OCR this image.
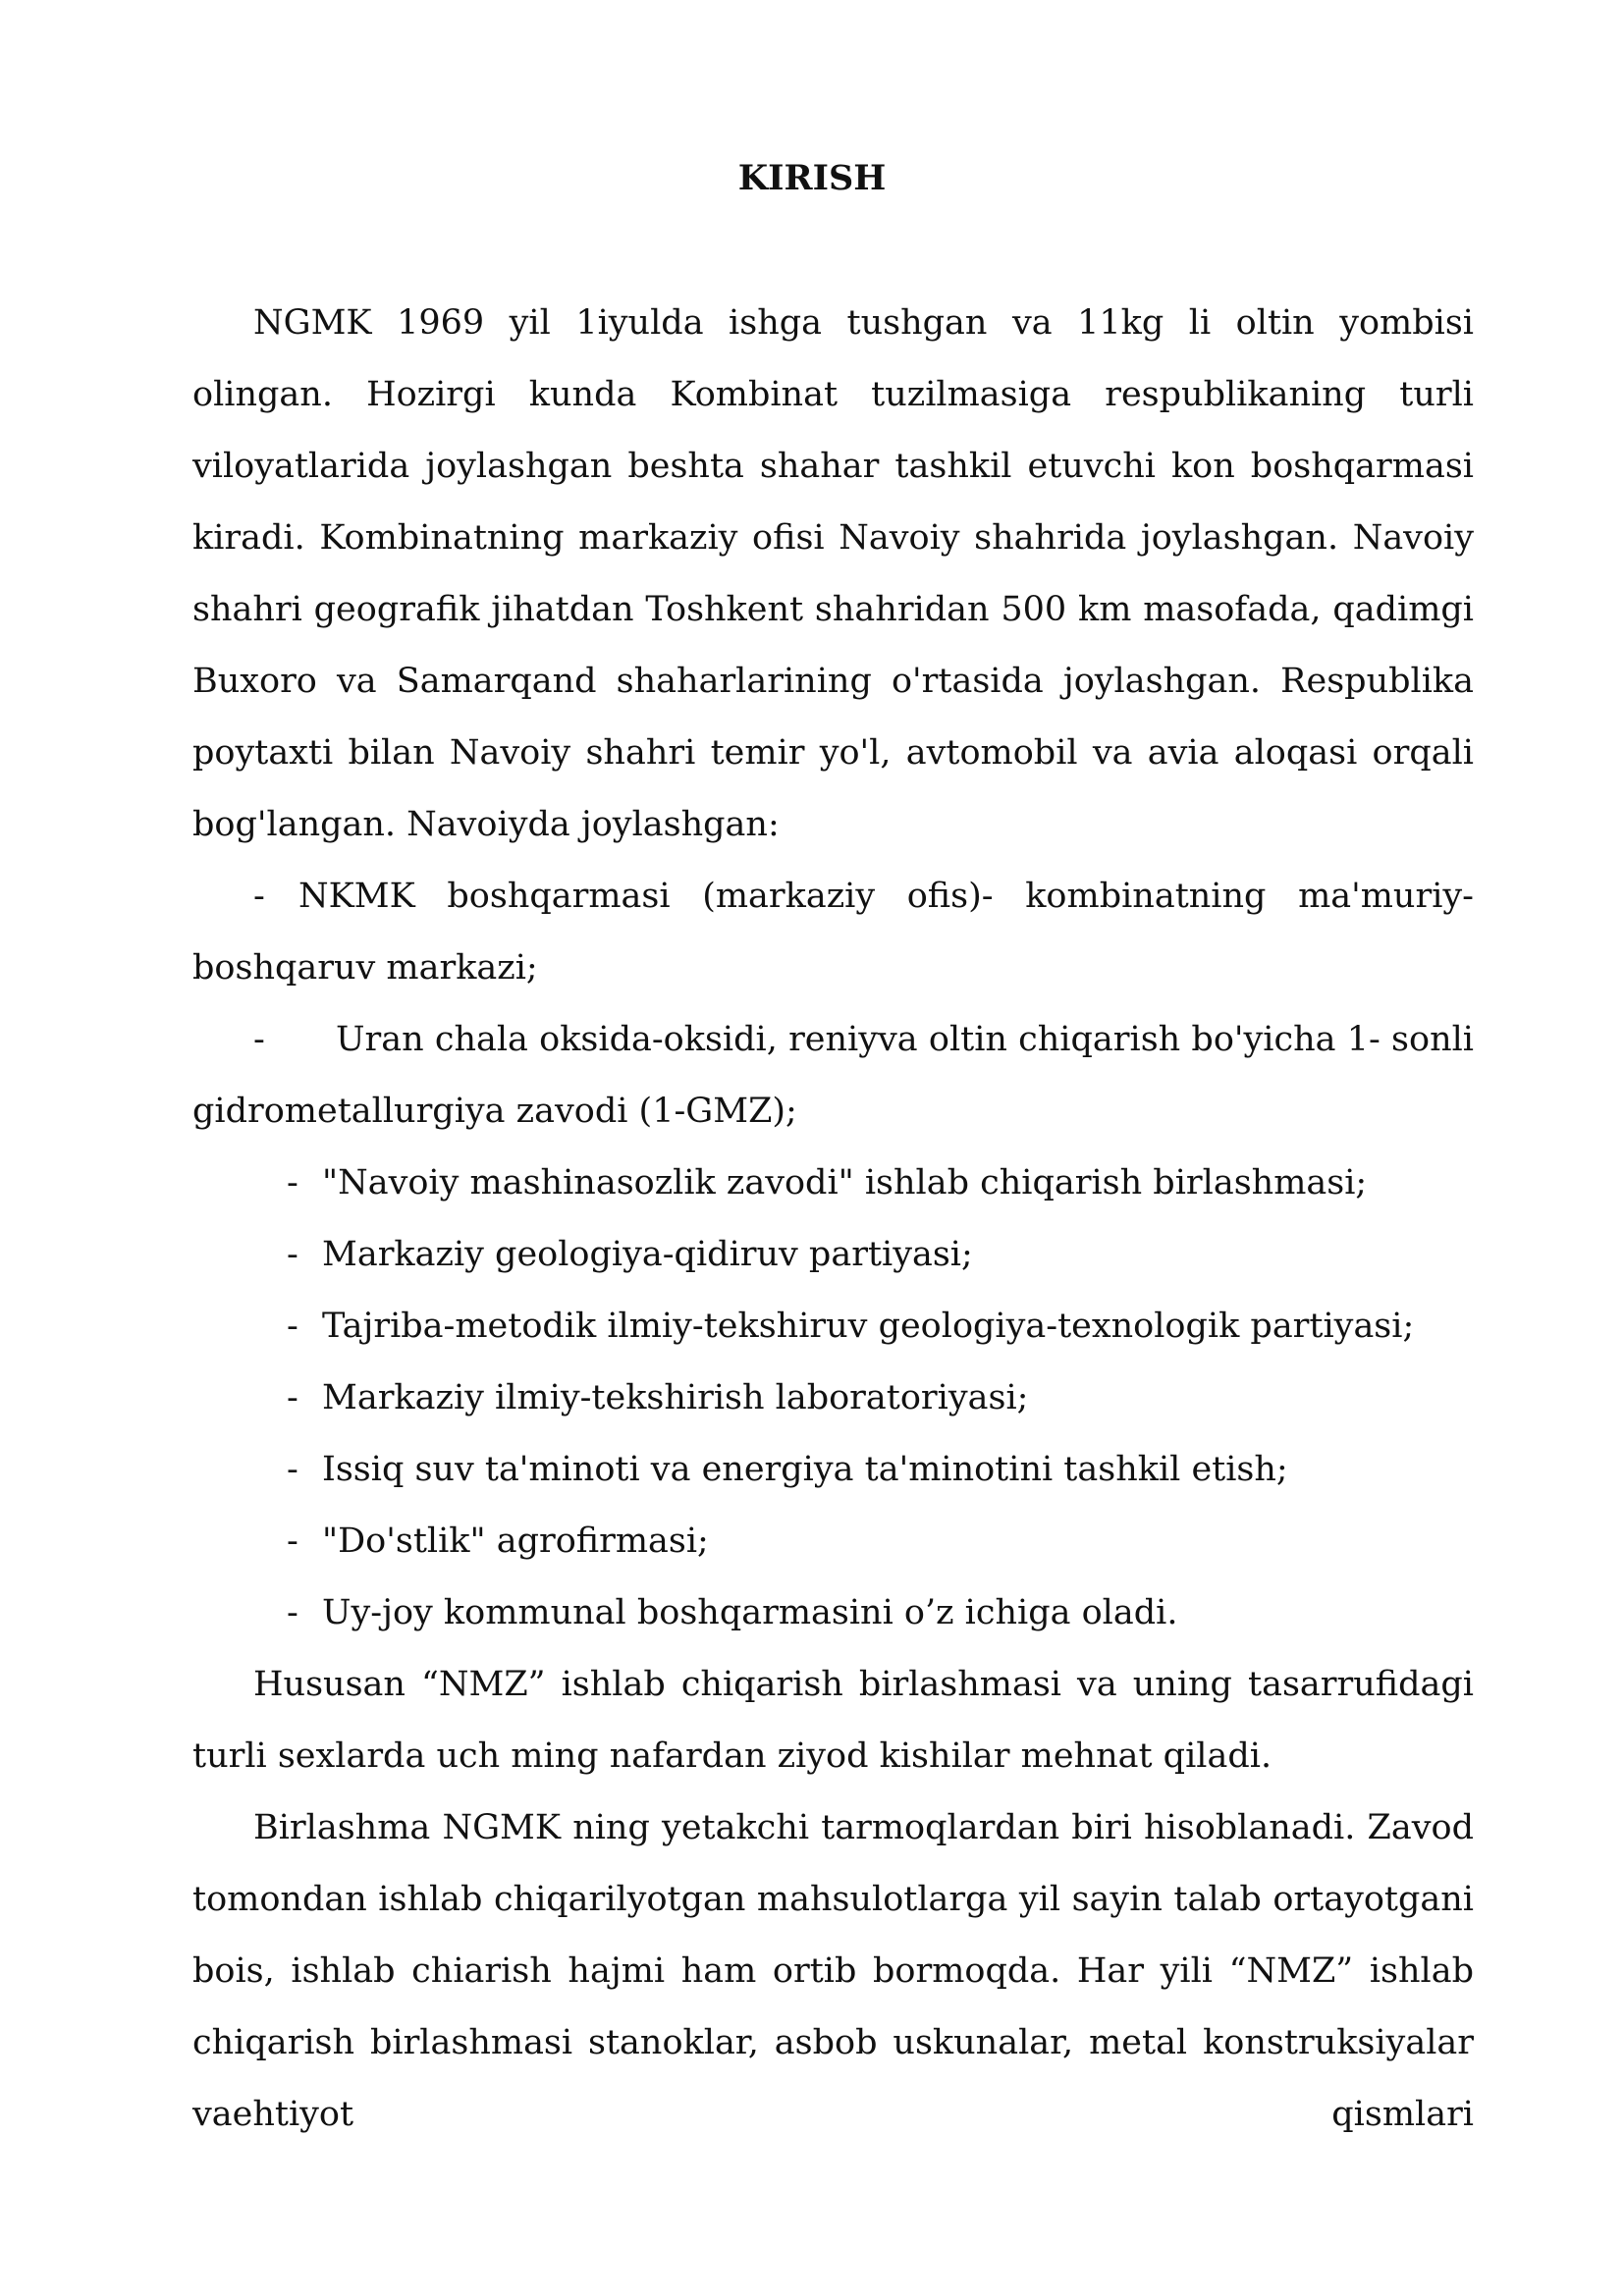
KIRISH

NGMK 1969 yil 1iyulda ishga tushgan va 11kg li oltin yombisi olingan. Hozirgi kunda Kombinat tuzilmasiga respublikaning turli viloyatlarida joylashgan beshta shahar tashkil etuvchi kon boshqarmasi kiradi. Kombinatning markaziy ofisi Navoiy shahrida joylashgan. Navoiy shahri geografik jihatdan Toshkent shahridan 500 km masofada, qadimgi Buxoro va Samarqand shaharlarining o'rtasida joylashgan. Respublika poytaxti bilan Navoiy shahri temir yo'l, avtomobil va avia aloqasi orqali bog'langan. Navoiyda joylashgan:

- NKMK boshqarmasi (markaziy ofis)- kombinatning ma'muriy-boshqaruv markazi;

- Uran chala oksida-oksidi, reniyva oltin chiqarish bo'yicha 1- sonli gidrometallurgiya zavodi (1-GMZ);

- "Navoiy mashinasozlik zavodi" ishlab chiqarish birlashmasi;
- Markaziy geologiya-qidiruv partiyasi;
- Tajriba-metodik ilmiy-tekshiruv geologiya-texnologik partiyasi;
- Markaziy ilmiy-tekshirish laboratoriyasi;
- Issiq suv ta'minoti va energiya ta'minotini tashkil etish;
- "Do'stlik" agrofirmasi;
- Uy-joy kommunal boshqarmasini o’z ichiga oladi.

Hususan “NMZ” ishlab chiqarish birlashmasi va uning tasarrufidagi turli sexlarda uch ming nafardan ziyod kishilar mehnat qiladi.

Birlashma NGMK ning yetakchi tarmoqlardan biri hisoblanadi. Zavod tomondan ishlab chiqarilyotgan mahsulotlarga yil sayin talab ortayotgani bois, ishlab chiarish hajmi ham ortib bormoqda. Har yili “NMZ” ishlab chiqarish birlashmasi stanoklar, asbob uskunalar, metal konstruksiyalar vaehtiyot qismlari
